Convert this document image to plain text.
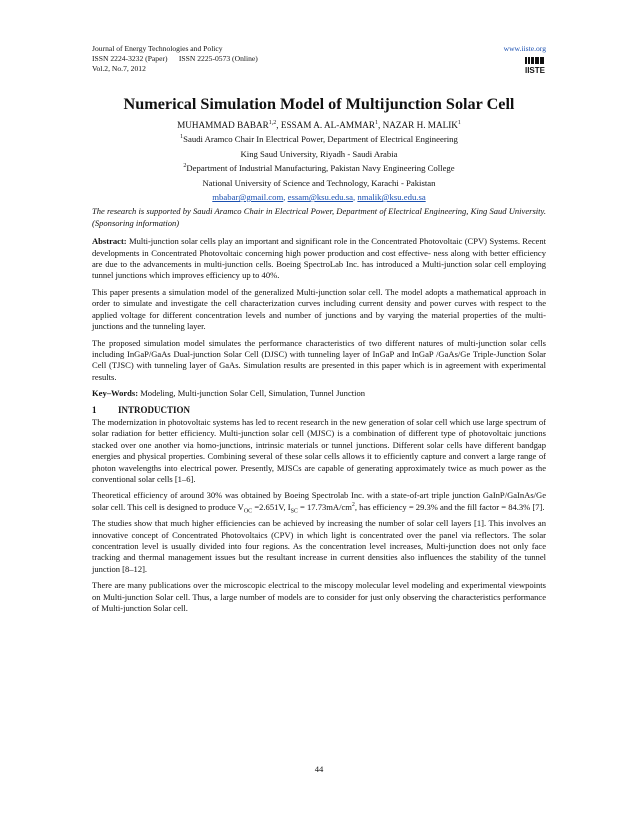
Journal of Energy Technologies and Policy
ISSN 2224-3232 (Paper)      ISSN 2225-0573 (Online)
Vol.2, No.7, 2012
www.iiste.org
IISTE
Numerical Simulation Model of Multijunction Solar Cell
MUHAMMAD BABAR$^{1,2}$, ESSAM A. AL-AMMAR$^1$, NAZAR H. MALIK$^1$
$^1$Saudi Aramco Chair In Electrical Power, Department of Electrical Engineering
King Saud University, Riyadh - Saudi Arabia
$^2$Department of Industrial Manufacturing, Pakistan Navy Engineering College
National University of Science and Technology, Karachi - Pakistan
mbabar@gmail.com, essam@ksu.edu.sa, nmalik@ksu.edu.sa
The research is supported by Saudi Aramco Chair in Electrical Power, Department of Electrical Engineering, King Saud University. (Sponsoring information)

Abstract: Multi-junction solar cells play an important and significant role in the Concentrated Photovoltaic (CPV) Systems. Recent developments in Concentrated Photovoltaic concerning high power production and cost effective- ness along with better efficiency are due to the advancements in multi-junction cells. Boeing SpectroLab Inc. has introduced a Multi-junction solar cell employing tunnel junctions which improves efficiency up to 40%.

This paper presents a simulation model of the generalized Multi-junction solar cell. The model adopts a mathematical approach in order to simulate and investigate the cell characterization curves including current density and power curves with respect to the applied voltage for different concentration levels and number of junctions and by varying the material properties of the multi-junctions and the tunneling layer.

The proposed simulation model simulates the performance characteristics of two different natures of multi-junction solar cells including InGaP/GaAs Dual-junction Solar Cell (DJSC) with tunneling layer of InGaP and InGaP /GaAs/Ge Triple-Junction Solar Cell (TJSC) with tunneling layer of GaAs. Simulation results are presented in this paper which is in agreement with experimental results.

Key–Words: Modeling, Multi-junction Solar Cell, Simulation, Tunnel Junction

1 INTRODUCTION

The modernization in photovoltaic systems has led to recent research in the new generation of solar cell which use large spectrum of solar radiation for better efficiency. Multi-junction solar cell (MJSC) is a combination of different type of photovoltaic junctions stacked over one another via homo-junctions, intrinsic materials or tunnel junctions. Different solar cells have different bandgap energies and physical properties. Combining several of these solar cells allows it to efficiently capture and convert a large range of photon wavelengths into electrical power. Presently, MJSCs are capable of generating approximately twice as much power as the conventional solar cells [1–6].

Theoretical efficiency of around 30% was obtained by Boeing Spectrolab Inc. with a state-of-art triple junction GaInP/GaInAs/Ge solar cell. This cell is designed to produce $V_{OC} =2.651V$, $I_{SC} = 17.73mA/cm^2$, has efficiency = 29.3% and the fill factor = 84.3% [7].

The studies show that much higher efficiencies can be achieved by increasing the number of solar cell layers [1]. This involves an innovative concept of Concentrated Photovoltaics (CPV) in which light is concentrated over the panel via reflectors. The solar concentration level is usually divided into four regions. As the concentration level increases, Multi-junction does not only face tracking and thermal management issues but the resultant increase in current densities also influences the stability of the tunnel junction [8–12].

There are many publications over the microscopic electrical to the miscopy molecular level modeling and experimental viewpoints on Multi-junction Solar cell. Thus, a large number of models are to consider for just only observing the characteristics performance of Multi-junction Solar cell.

44
